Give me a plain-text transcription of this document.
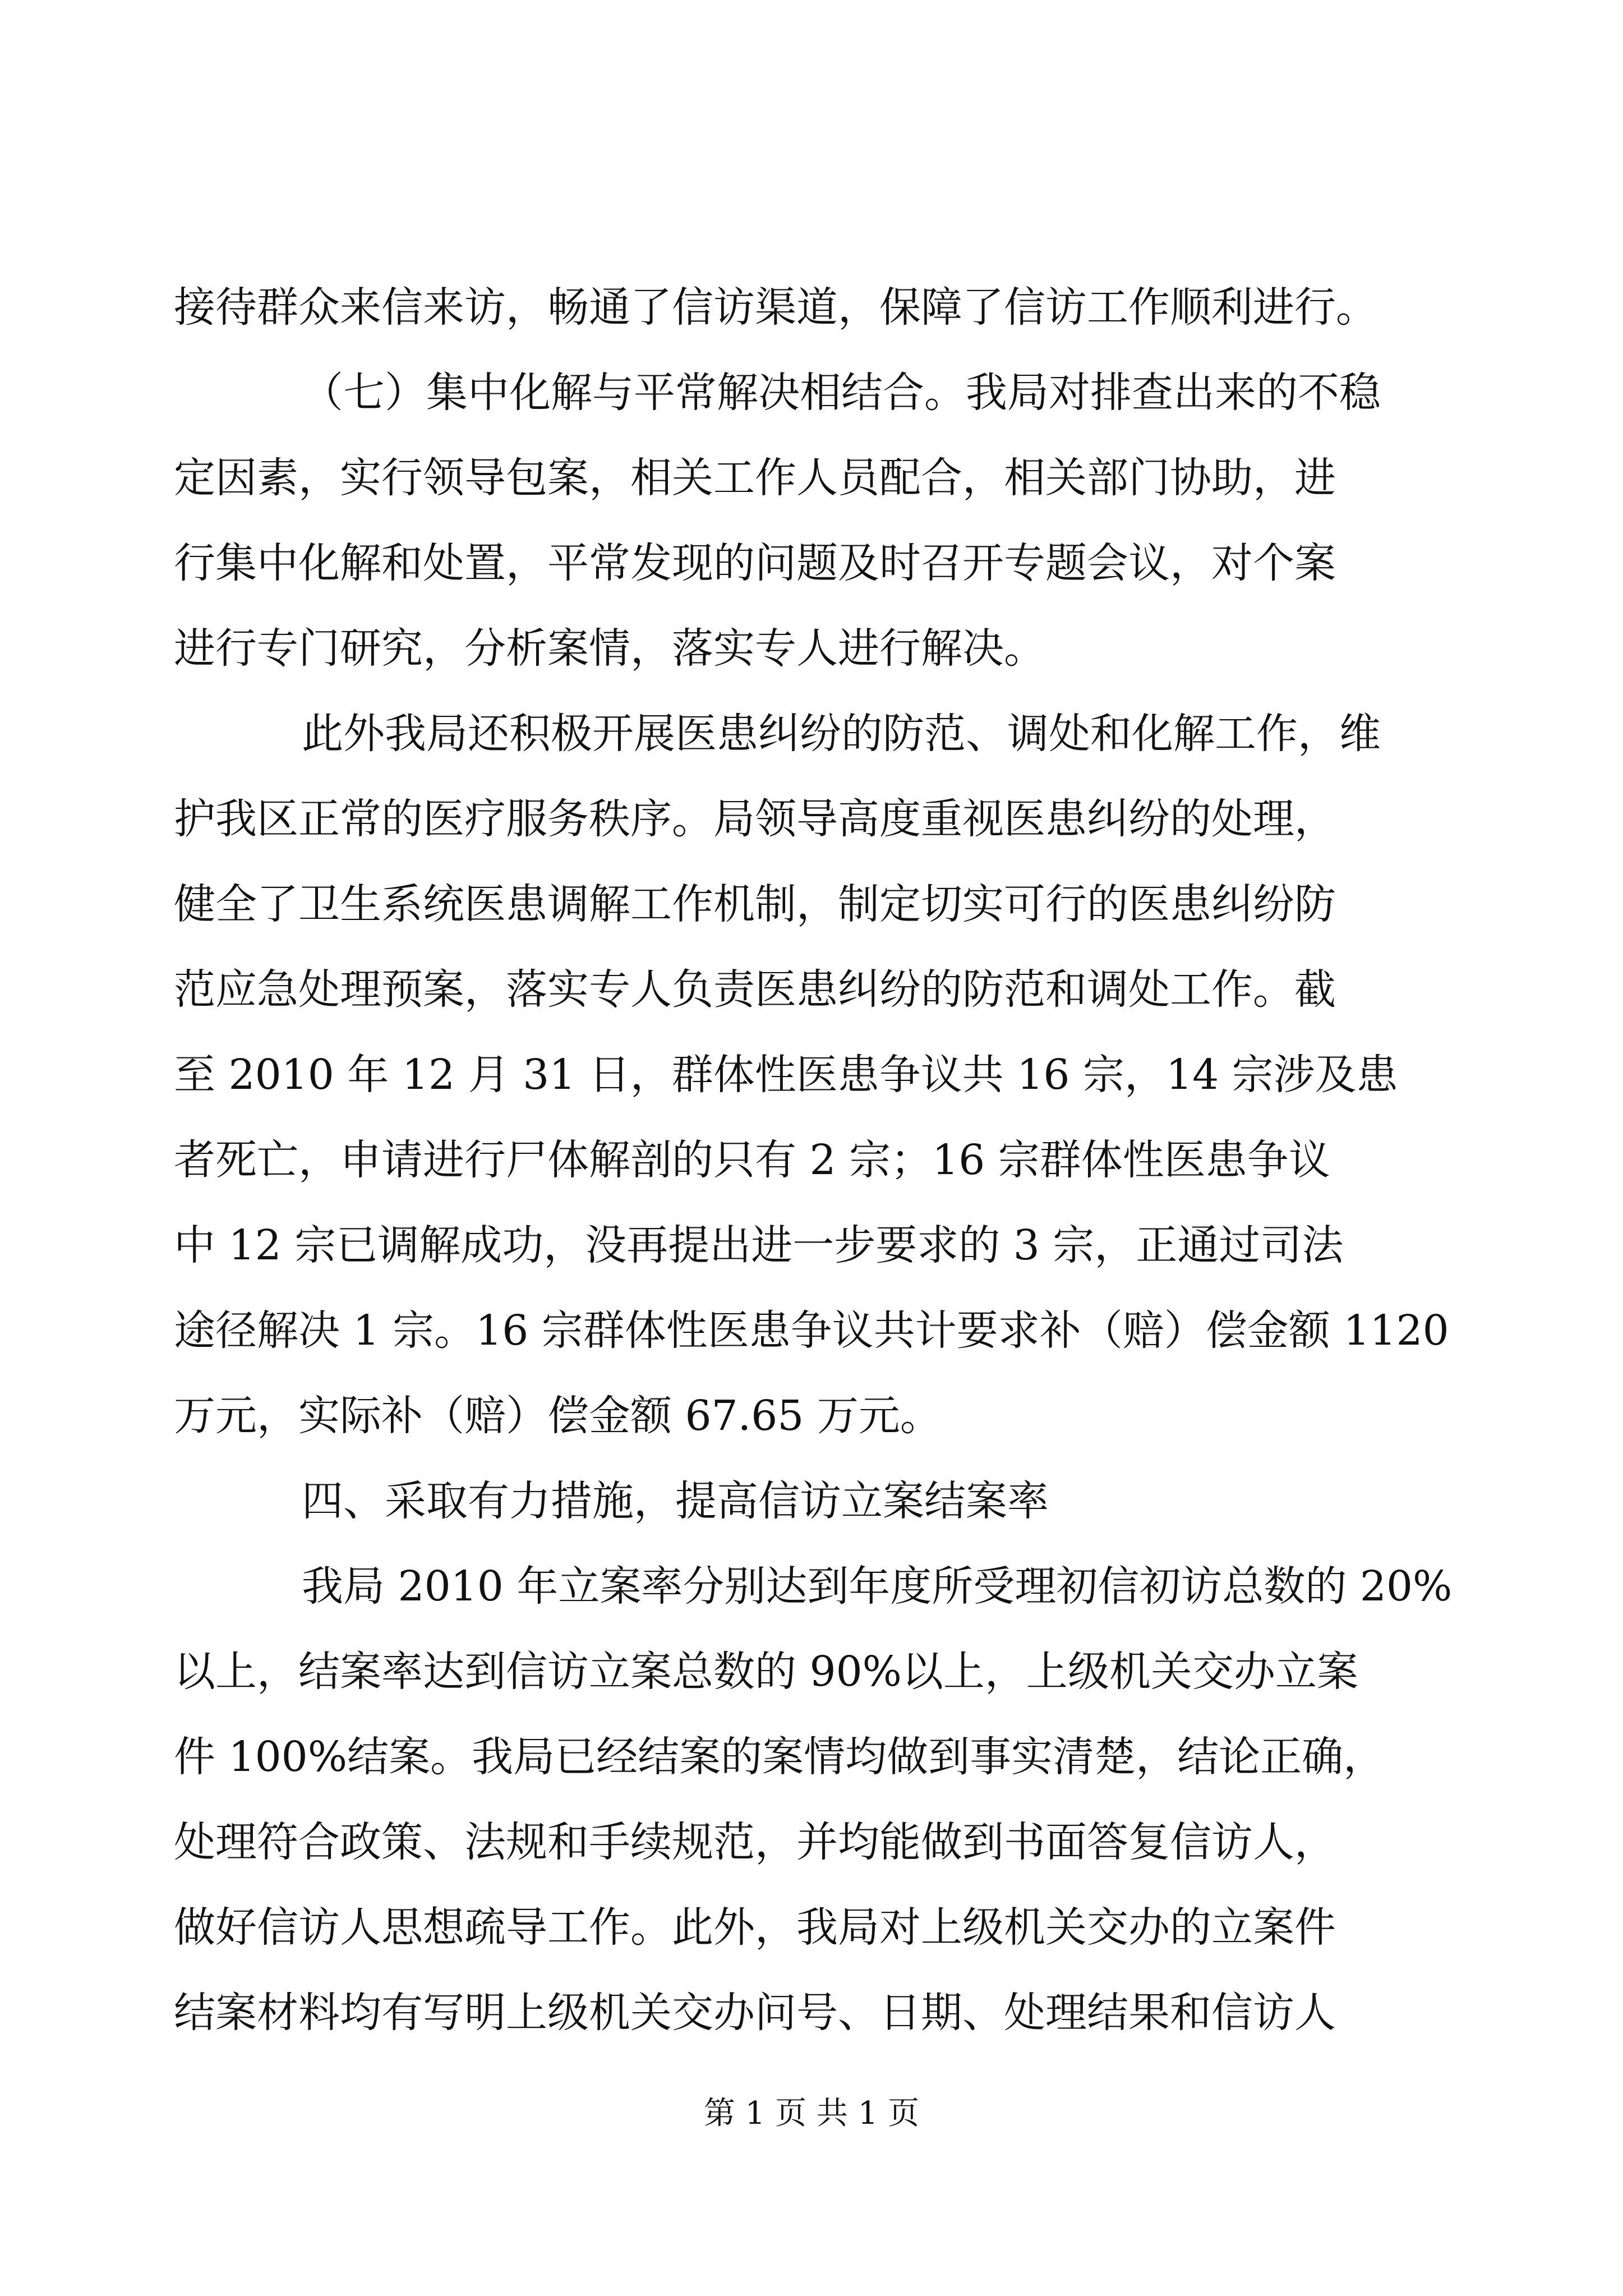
接待群众来信来访，畅通了信访渠道，保障了信访工作顺利进行。
（七）集中化解与平常解决相结合。我局对排查出来的不稳
定因素，实行领导包案，相关工作人员配合，相关部门协助，进
行集中化解和处置，平常发现的问题及时召开专题会议，对个案
进行专门研究，分析案情，落实专人进行解决。
此外我局还积极开展医患纠纷的防范、调处和化解工作，维
护我区正常的医疗服务秩序。局领导高度重视医患纠纷的处理，
健全了卫生系统医患调解工作机制，制定切实可行的医患纠纷防
范应急处理预案，落实专人负责医患纠纷的防范和调处工作。截
至 2010 年 12 月 31 日，群体性医患争议共 16 宗，14 宗涉及患
者死亡，申请进行尸体解剖的只有 2 宗；16 宗群体性医患争议
中 12 宗已调解成功，没再提出进一步要求的 3 宗，正通过司法
途径解决 1 宗。16 宗群体性医患争议共计要求补（赔）偿金额 1120
万元，实际补（赔）偿金额 67.65 万元。
四、采取有力措施，提高信访立案结案率
我局 2010 年立案率分别达到年度所受理初信初访总数的 20%
以上，结案率达到信访立案总数的 90%以上，上级机关交办立案
件 100%结案。我局已经结案的案情均做到事实清楚，结论正确，
处理符合政策、法规和手续规范，并均能做到书面答复信访人，
做好信访人思想疏导工作。此外，我局对上级机关交办的立案件
结案材料均有写明上级机关交办问号、日期、处理结果和信访人
第 1 页 共 1 页
